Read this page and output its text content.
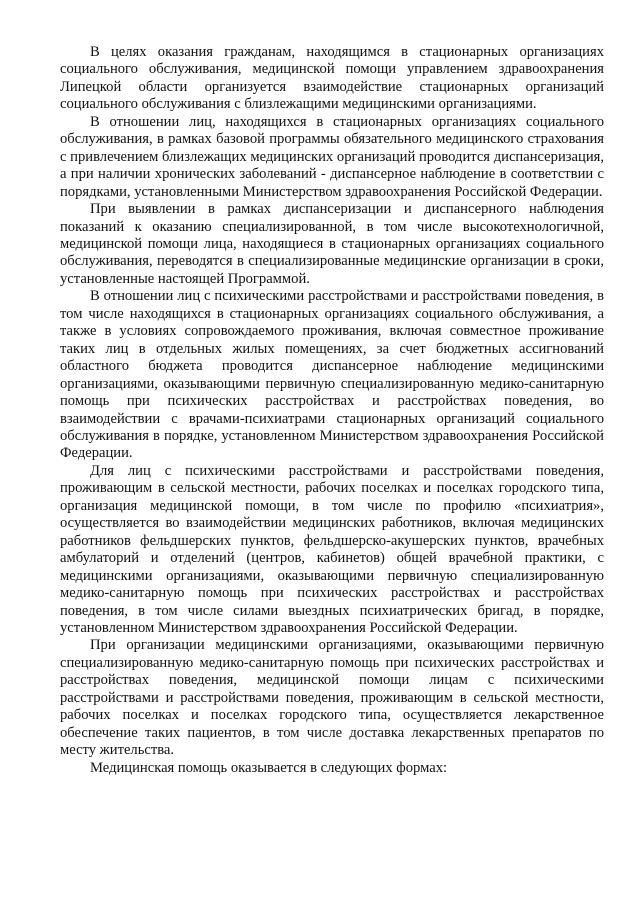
В целях оказания гражданам, находящимся в стационарных организациях социального обслуживания, медицинской помощи управлением здравоохранения Липецкой области организуется взаимодействие стационарных организаций социального обслуживания с близлежащими медицинскими организациями.

В отношении лиц, находящихся в стационарных организациях социального обслуживания, в рамках базовой программы обязательного медицинского страхования с привлечением близлежащих медицинских организаций проводится диспансеризация, а при наличии хронических заболеваний - диспансерное наблюдение в соответствии с порядками, установленными Министерством здравоохранения Российской Федерации.

При выявлении в рамках диспансеризации и диспансерного наблюдения показаний к оказанию специализированной, в том числе высокотехнологичной, медицинской помощи лица, находящиеся в стационарных организациях социального обслуживания, переводятся в специализированные медицинские организации в сроки, установленные настоящей Программой.

В отношении лиц с психическими расстройствами и расстройствами поведения, в том числе находящихся в стационарных организациях социального обслуживания, а также в условиях сопровождаемого проживания, включая совместное проживание таких лиц в отдельных жилых помещениях, за счет бюджетных ассигнований областного бюджета проводится диспансерное наблюдение медицинскими организациями, оказывающими первичную специализированную медико-санитарную помощь при психических расстройствах и расстройствах поведения, во взаимодействии с врачами-психиатрами стационарных организаций социального обслуживания в порядке, установленном Министерством здравоохранения Российской Федерации.

Для лиц с психическими расстройствами и расстройствами поведения, проживающим в сельской местности, рабочих поселках и поселках городского типа, организация медицинской помощи, в том числе по профилю «психиатрия», осуществляется во взаимодействии медицинских работников, включая медицинских работников фельдшерских пунктов, фельдшерско-акушерских пунктов, врачебных амбулаторий и отделений (центров, кабинетов) общей врачебной практики, с медицинскими организациями, оказывающими первичную специализированную медико-санитарную помощь при психических расстройствах и расстройствах поведения, в том числе силами выездных психиатрических бригад, в порядке, установленном Министерством здравоохранения Российской Федерации.

При организации медицинскими организациями, оказывающими первичную специализированную медико-санитарную помощь при психических расстройствах и расстройствах поведения, медицинской помощи лицам с психическими расстройствами и расстройствами поведения, проживающим в сельской местности, рабочих поселках и поселках городского типа, осуществляется лекарственное обеспечение таких пациентов, в том числе доставка лекарственных препаратов по месту жительства.

Медицинская помощь оказывается в следующих формах:
